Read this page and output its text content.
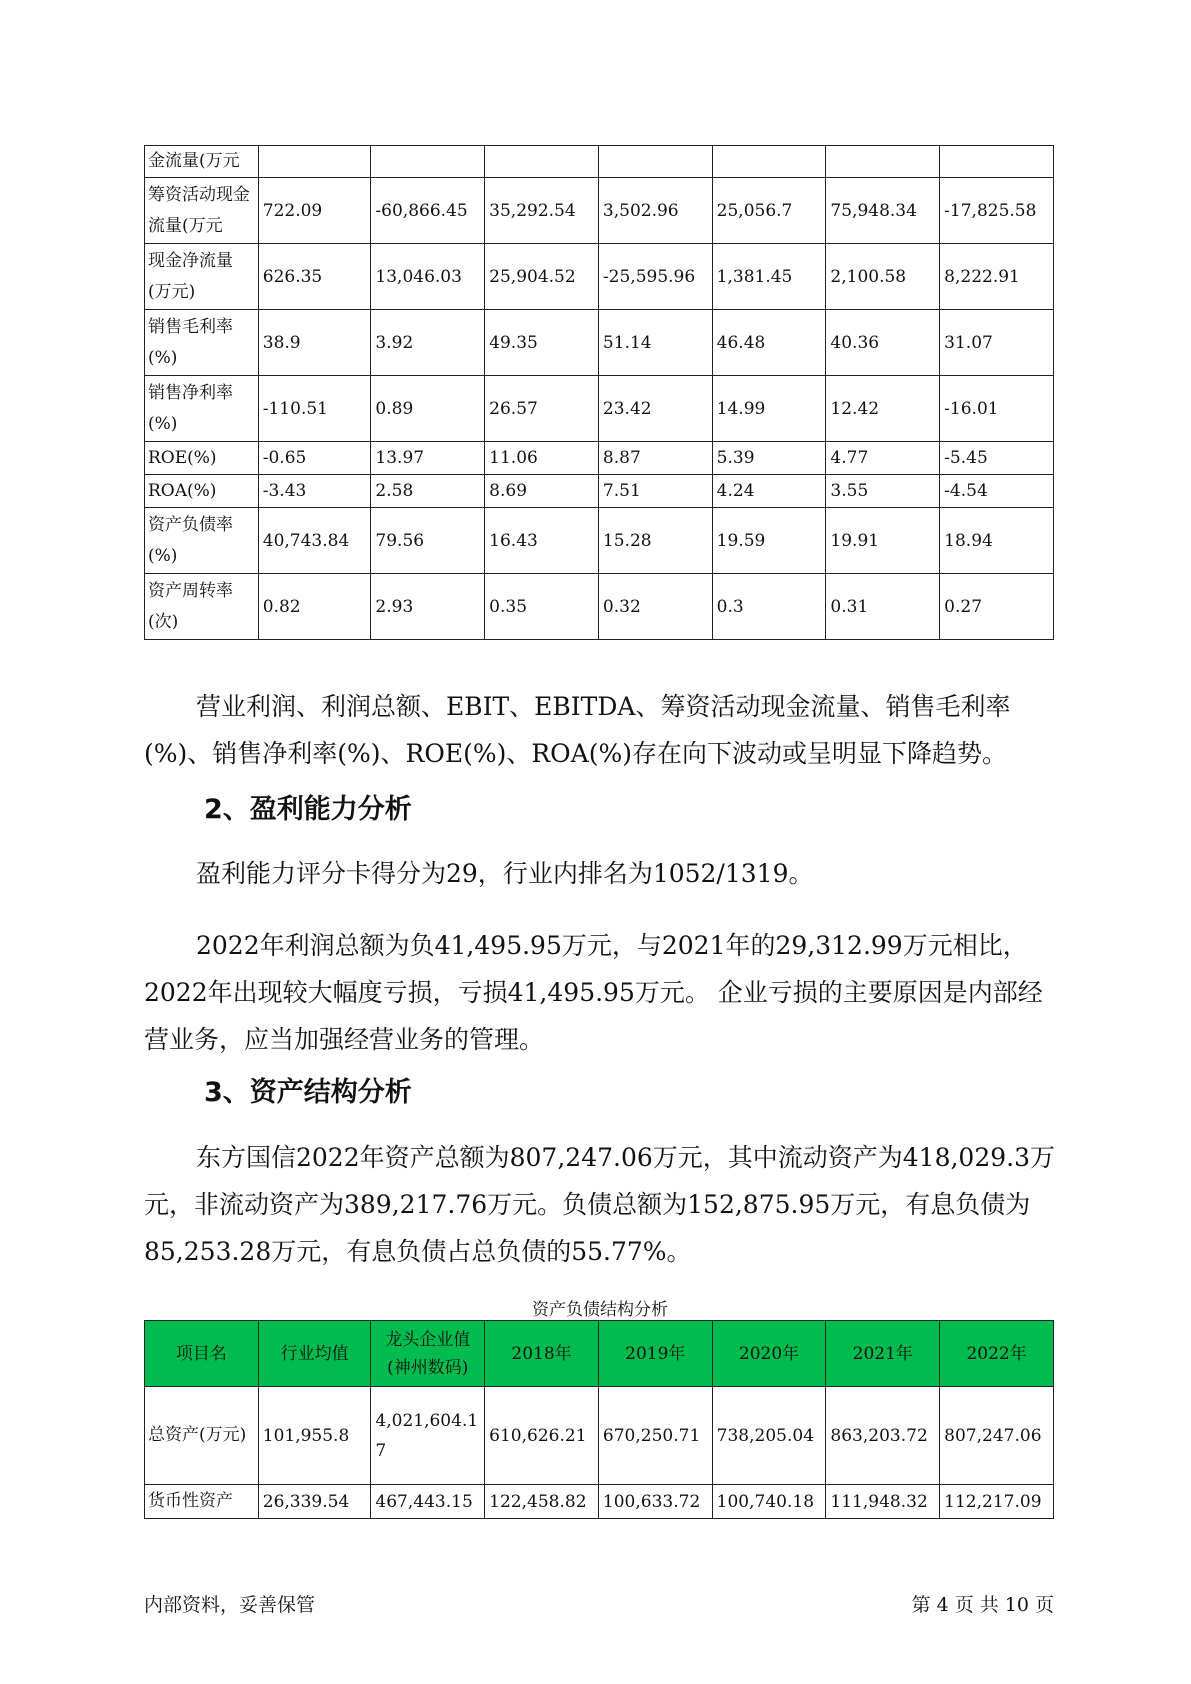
金流量(万元							
筹资活动现金流量(万元	722.09	-60,866.45	35,292.54	3,502.96	25,056.7	75,948.34	-17,825.58
现金净流量(万元)	626.35	13,046.03	25,904.52	-25,595.96	1,381.45	2,100.58	8,222.91
销售毛利率(%)	38.9	3.92	49.35	51.14	46.48	40.36	31.07
销售净利率(%)	-110.51	0.89	26.57	23.42	14.99	12.42	-16.01
ROE(%)	-0.65	13.97	11.06	8.87	5.39	4.77	-5.45
ROA(%)	-3.43	2.58	8.69	7.51	4.24	3.55	-4.54
资产负债率(%)	40,743.84	79.56	16.43	15.28	19.59	19.91	18.94
资产周转率(次)	0.82	2.93	0.35	0.32	0.3	0.31	0.27

营业利润、利润总额、EBIT、EBITDA、筹资活动现金流量、销售毛利率(%)、销售净利率(%)、ROE(%)、ROA(%)存在向下波动或呈明显下降趋势。

2、盈利能力分析

盈利能力评分卡得分为29，行业内排名为1052/1319。

2022年利润总额为负41,495.95万元，与2021年的29,312.99万元相比，2022年出现较大幅度亏损，亏损41,495.95万元。 企业亏损的主要原因是内部经营业务，应当加强经营业务的管理。

3、资产结构分析

东方国信2022年资产总额为807,247.06万元，其中流动资产为418,029.3万元，非流动资产为389,217.76万元。负债总额为152,875.95万元，有息负债为85,253.28万元，有息负债占总负债的55.77%。

资产负债结构分析
项目名	行业均值	龙头企业值(神州数码)	2018年	2019年	2020年	2021年	2022年
总资产(万元)	101,955.8	4,021,604.17	610,626.21	670,250.71	738,205.04	863,203.72	807,247.06
货币性资产	26,339.54	467,443.15	122,458.82	100,633.72	100,740.18	111,948.32	112,217.09
内部资料，妥善保管	第 4 页 共 10 页
